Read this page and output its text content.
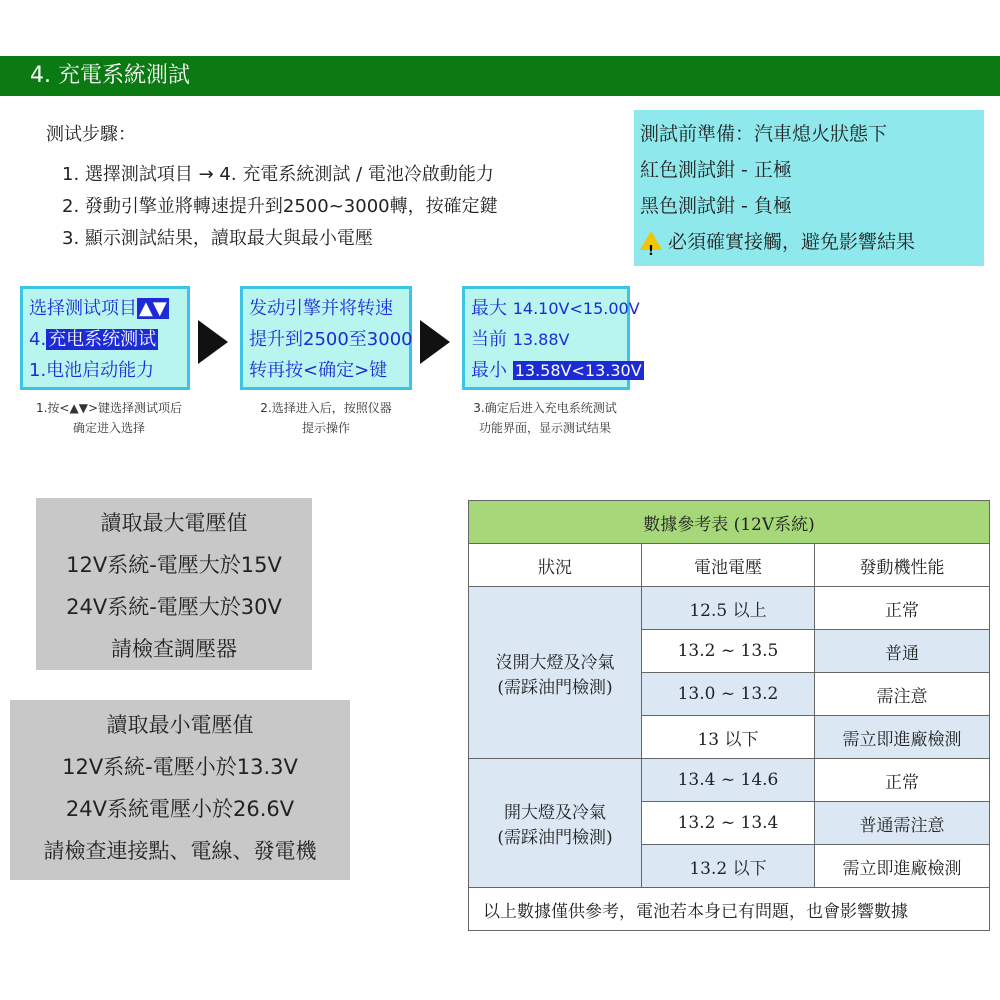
4. 充電系統測試
测试步驟：
1. 選擇測試項目 → 4. 充電系統測試 / 電池冷啟動能力
2. 發動引擎並將轉速提升到2500~3000轉，按確定鍵
3. 顯示測試結果，讀取最大與最小電壓
測試前準備：汽車熄火狀態下
紅色測試鉗 - 正極
黑色測試鉗 - 負極
! 必須確實接觸，避免影響結果
选择测试项目 ▲▼
4. 充电系统测试
1.电池启动能力
发动引擎并将转速
提升到2500至3000
转再按<确定>键
最大 14.10V<15.00V
当前 13.88V
最小 13.58V<13.30V
1.按<▲▼>键选择测试项后
确定进入选择
2.选择进入后，按照仪器
提示操作
3.确定后进入充电系统测试
功能界面，显示测试结果
讀取最大電壓值
12V系統-電壓大於15V
24V系統-電壓大於30V
請檢查調壓器
讀取最小電壓值
12V系統-電壓小於13.3V
24V系統電壓小於26.6V
請檢查連接點、電線、發電機
數據參考表 (12V系統)		
狀況	電池電壓	發動機性能

沒開大燈及冷氣
(需踩油門檢測)	12.5 以上	正常
	13.2 ~ 13.5	普通
	13.0 ~ 13.2	需注意
	13 以下	需立即進廠檢測

開大燈及冷氣
(需踩油門檢測)	13.4 ~ 14.6	正常
	13.2 ~ 13.4	普通需注意
	13.2 以下	需立即進廠檢測
以上數據僅供參考，電池若本身已有問題，也會影響數據		
